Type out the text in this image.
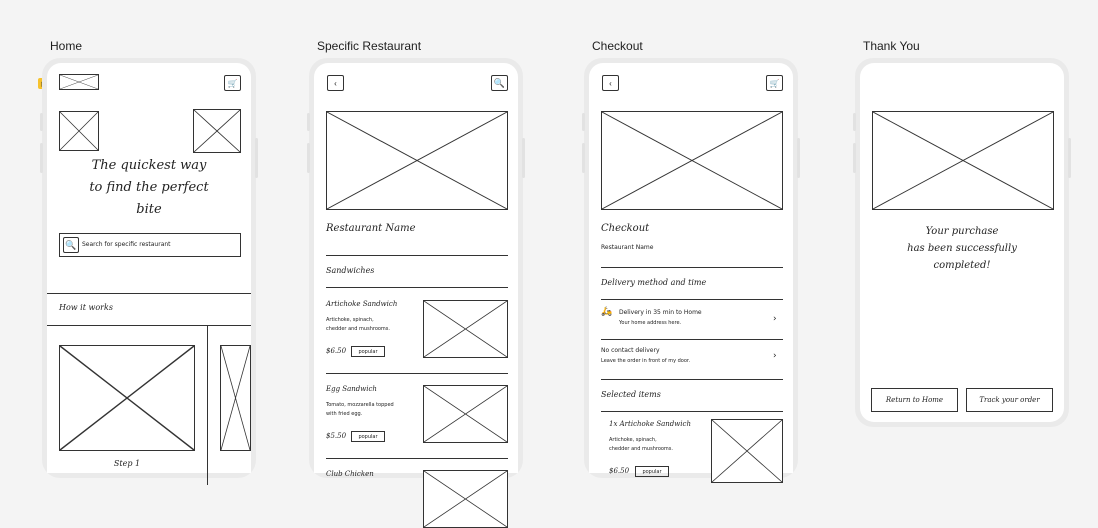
Home
🛒
The quickest way
to find the perfect
bite
🔍 Search for specific restaurant
How it works
Step 1
Specific Restaurant
‹	🔍
Restaurant Name
Sandwiches
Artichoke Sandwich
Artichoke, spinach,
chedder and mushrooms.
$6.50	popular
Egg Sandwich
Tomato, mozzarella topped
with fried egg.
$5.50	popular
Club Chicken
Checkout
‹	🛒
Checkout
Restaurant Name
Delivery method and time
🛵 Delivery in 35 min to Home
Your home address here.	›
No contact delivery
Leave the order in front of my door.	›
Selected items
1x Artichoke Sandwich
Artichoke, spinach,
chedder and mushrooms.
$6.50	popular
Thank You
Your purchase
has been successfully
completed!
Return to Home	Track your order
